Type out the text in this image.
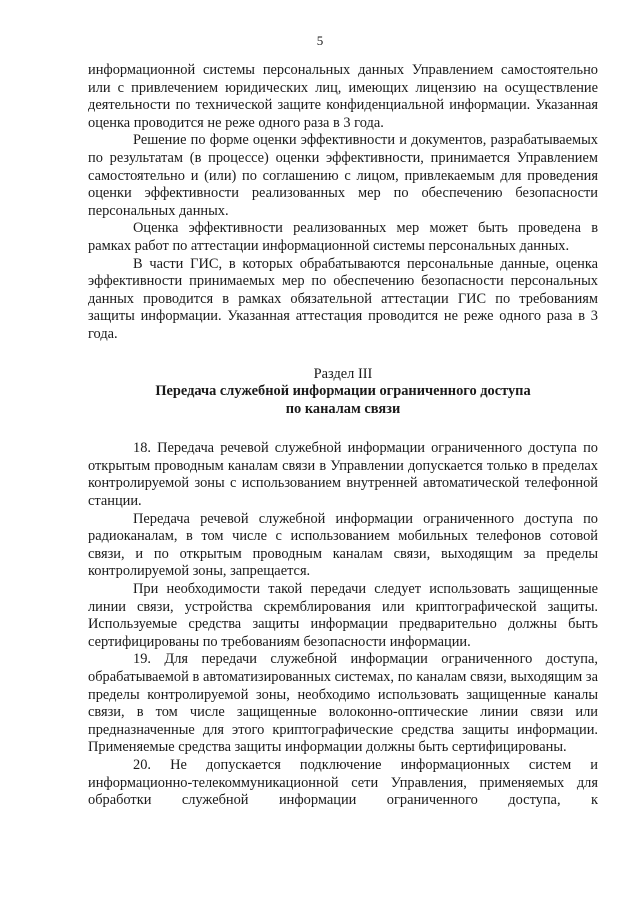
5

информационной системы персональных данных Управлением самостоятельно или с привлечением юридических лиц, имеющих лицензию на осуществление деятельности по технической защите конфиденциальной информации. Указанная оценка проводится не реже одного раза в 3 года.

Решение по форме оценки эффективности и документов, разрабатываемых по результатам (в процессе) оценки эффективности, принимается Управлением самостоятельно и (или) по соглашению с лицом, привлекаемым для проведения оценки эффективности реализованных мер по обеспечению безопасности персональных данных.

Оценка эффективности реализованных мер может быть проведена в рамках работ по аттестации информационной системы персональных данных.

В части ГИС, в которых обрабатываются персональные данные, оценка эффективности принимаемых мер по обеспечению безопасности персональных данных проводится в рамках обязательной аттестации ГИС по требованиям защиты информации. Указанная аттестация проводится не реже одного раза в 3 года.

Раздел III

Передача служебной информации ограниченного доступа

по каналам связи

18. Передача речевой служебной информации ограниченного доступа по открытым проводным каналам связи в Управлении допускается только в пределах контролируемой зоны с использованием внутренней автоматической телефонной станции.

Передача речевой служебной информации ограниченного доступа по радиоканалам, в том числе с использованием мобильных телефонов сотовой связи, и по открытым проводным каналам связи, выходящим за пределы контролируемой зоны, запрещается.

При необходимости такой передачи следует использовать защищенные линии связи, устройства скремблирования или криптографической защиты. Используемые средства защиты информации предварительно должны быть сертифицированы по требованиям безопасности информации.

19. Для передачи служебной информации ограниченного доступа, обрабатываемой в автоматизированных системах, по каналам связи, выходящим за пределы контролируемой зоны, необходимо использовать защищенные каналы связи, в том числе защищенные волоконно-оптические линии связи или предназначенные для этого криптографические средства защиты информации. Применяемые средства защиты информации должны быть сертифицированы.

20. Не допускается подключение информационных систем и информационно-телекоммуникационной сети Управления, применяемых для обработки служебной информации ограниченного доступа, к
